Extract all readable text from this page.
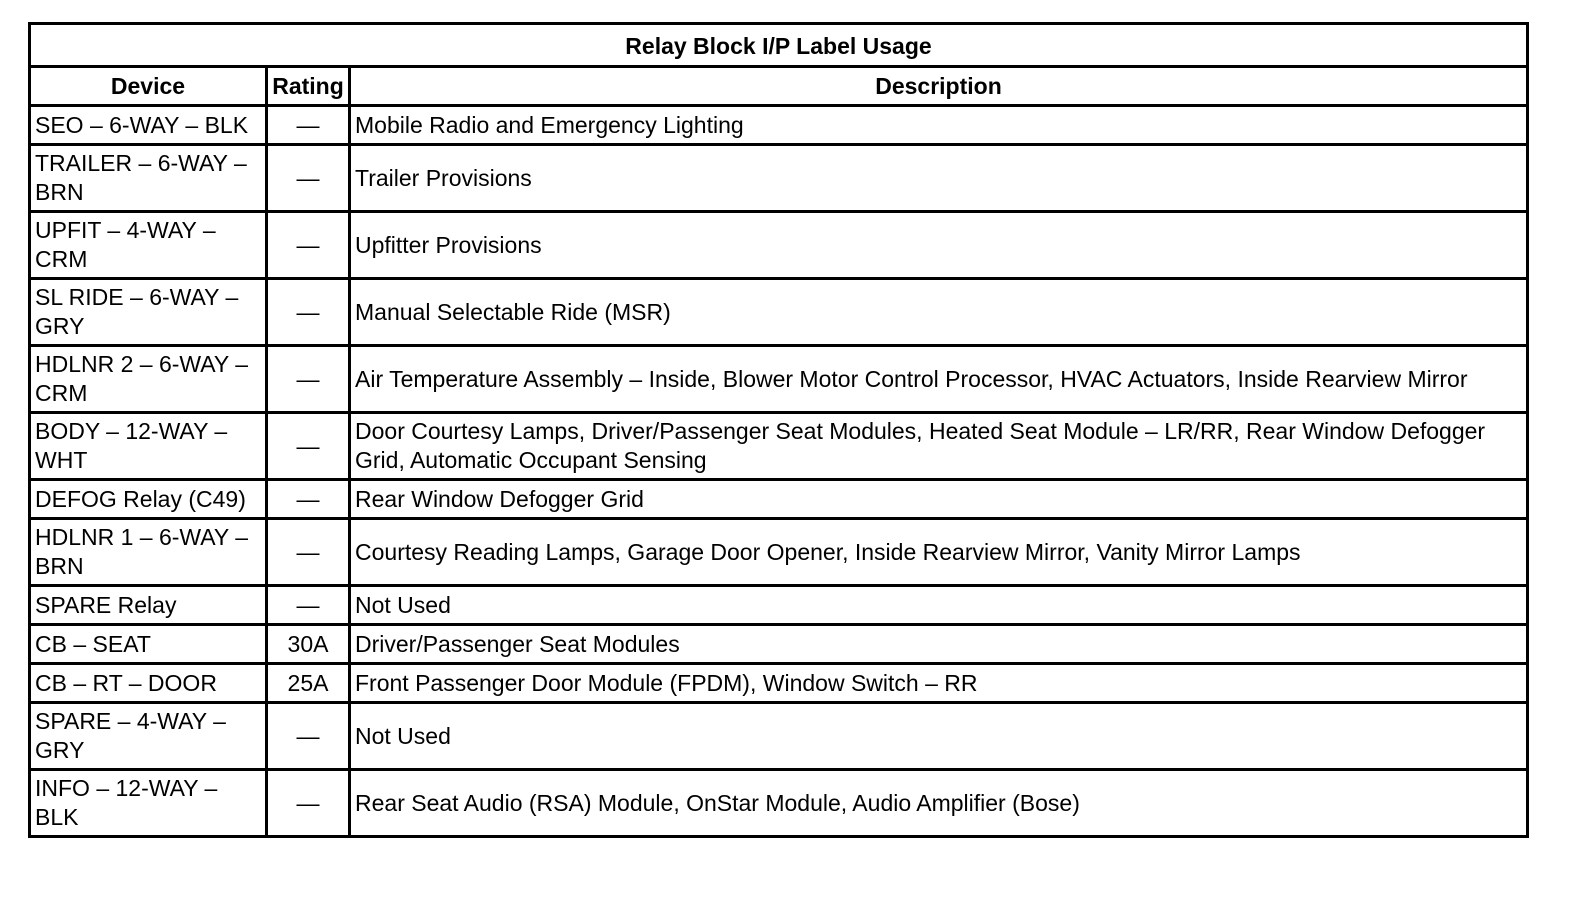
Relay Block I/P Label Usage		
Device	Rating	Description
SEO – 6-WAY – BLK	—	Mobile Radio and Emergency Lighting
TRAILER – 6-WAY – BRN	—	Trailer Provisions
UPFIT – 4-WAY – CRM	—	Upfitter Provisions
SL RIDE – 6-WAY – GRY	—	Manual Selectable Ride (MSR)
HDLNR 2 – 6-WAY – CRM	—	Air Temperature Assembly – Inside, Blower Motor Control Processor, HVAC Actuators, Inside Rearview Mirror
BODY – 12-WAY – WHT	—	Door Courtesy Lamps, Driver/Passenger Seat Modules, Heated Seat Module – LR/RR, Rear Window Defogger Grid, Automatic Occupant Sensing
DEFOG Relay (C49)	—	Rear Window Defogger Grid
HDLNR 1 – 6-WAY – BRN	—	Courtesy Reading Lamps, Garage Door Opener, Inside Rearview Mirror, Vanity Mirror Lamps
SPARE Relay	—	Not Used
CB – SEAT	30A	Driver/Passenger Seat Modules
CB – RT – DOOR	25A	Front Passenger Door Module (FPDM), Window Switch – RR
SPARE – 4-WAY – GRY	—	Not Used
INFO – 12-WAY – BLK	—	Rear Seat Audio (RSA) Module, OnStar Module, Audio Amplifier (Bose)
